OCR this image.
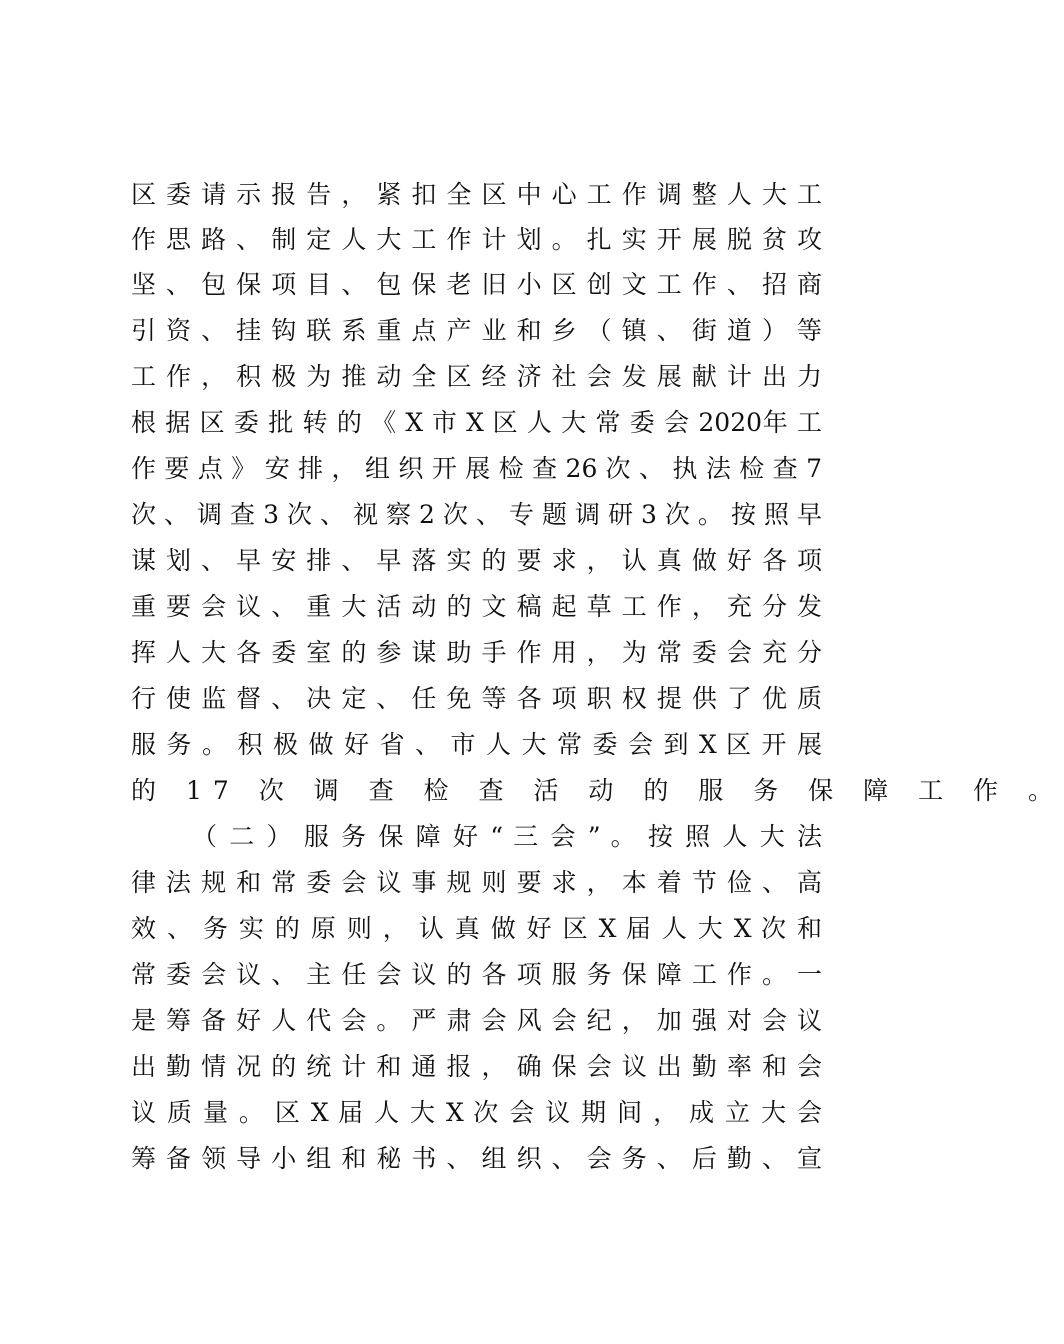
区 委 请 示 报 告 ， 紧 扣 全 区 中 心 工 作 调 整 人 大 工
作 思 路 、 制 定 人 大 工 作 计 划 。 扎 实 开 展 脱 贫 攻
坚 、 包 保 项 目 、 包 保 老 旧 小 区 创 文 工 作 、 招 商
引 资 、 挂 钩 联 系 重 点 产 业 和 乡 （ 镇 、 街 道 ） 等
工 作 ， 积 极 为 推 动 全 区 经 济 社 会 发 展 献 计 出 力
根 据 区 委 批 转 的 《 X 市 X 区 人 大 常 委 会 2020年 工
作 要 点 》 安 排 ， 组 织 开 展 检 查 26 次 、 执 法 检 查 7
次 、 调 查 3 次 、 视 察 2 次 、 专 题 调 研 3 次 。 按 照 早
谋 划 、 早 安 排 、 早 落 实 的 要 求 ， 认 真 做 好 各 项
重 要 会 议 、 重 大 活 动 的 文 稿 起 草 工 作 ， 充 分 发
挥 人 大 各 委 室 的 参 谋 助 手 作 用 ， 为 常 委 会 充 分
行 使 监 督 、 决 定 、 任 免 等 各 项 职 权 提 供 了 优 质
服 务 。 积 极 做 好 省 、 市 人 大 常 委 会 到 X 区 开 展
的 17 次 调 查 检 查 活 动 的 服 务 保 障 工 作 。
（ 二 ） 服 务 保 障 好 “ 三 会 ” 。 按 照 人 大 法
律 法 规 和 常 委 会 议 事 规 则 要 求 ， 本 着 节 俭 、 高
效 、 务 实 的 原 则 ， 认 真 做 好 区 X 届 人 大 X 次 和
常 委 会 议 、 主 任 会 议 的 各 项 服 务 保 障 工 作 。 一
是 筹 备 好 人 代 会 。 严 肃 会 风 会 纪 ， 加 强 对 会 议
出 勤 情 况 的 统 计 和 通 报 ， 确 保 会 议 出 勤 率 和 会
议 质 量 。 区 X 届 人 大 X 次 会 议 期 间 ， 成 立 大 会
筹 备 领 导 小 组 和 秘 书 、 组 织 、 会 务 、 后 勤 、 宣
